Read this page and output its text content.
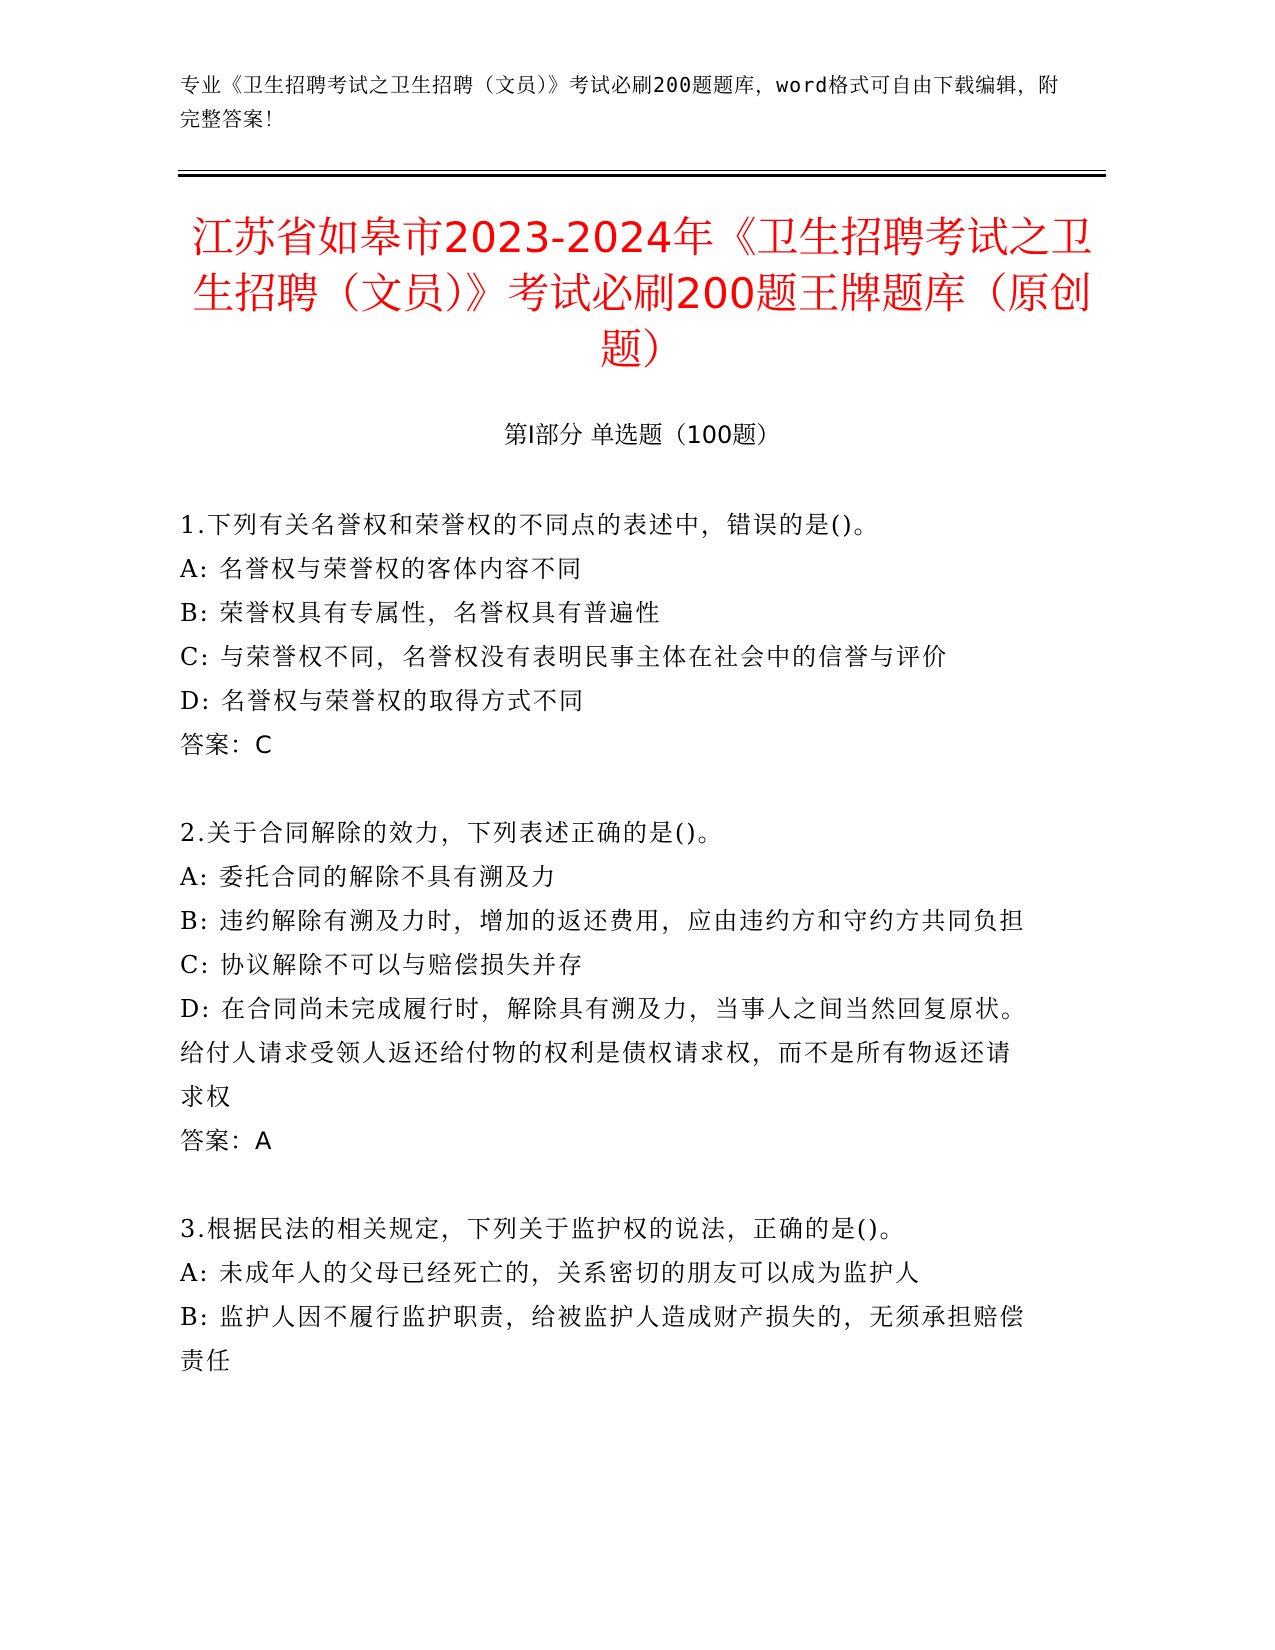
专业《卫生招聘考试之卫生招聘（文员）》考试必刷200题题库，word格式可自由下载编辑，附完整答案！
江苏省如皋市2023-2024年《卫生招聘考试之卫生招聘（文员）》考试必刷200题王牌题库（原创题）
第Ⅰ部分 单选题（100题）
1.下列有关名誉权和荣誉权的不同点的表述中，错误的是()。
A: 名誉权与荣誉权的客体内容不同
B: 荣誉权具有专属性，名誉权具有普遍性
C: 与荣誉权不同，名誉权没有表明民事主体在社会中的信誉与评价
D: 名誉权与荣誉权的取得方式不同
答案：C
2.关于合同解除的效力，下列表述正确的是()。
A: 委托合同的解除不具有溯及力
B: 违约解除有溯及力时，增加的返还费用，应由违约方和守约方共同负担
C: 协议解除不可以与赔偿损失并存
D: 在合同尚未完成履行时，解除具有溯及力，当事人之间当然回复原状。给付人请求受领人返还给付物的权利是债权请求权，而不是所有物返还请求权
答案：A
3.根据民法的相关规定，下列关于监护权的说法，正确的是()。
A: 未成年人的父母已经死亡的，关系密切的朋友可以成为监护人
B: 监护人因不履行监护职责，给被监护人造成财产损失的，无须承担赔偿责任
